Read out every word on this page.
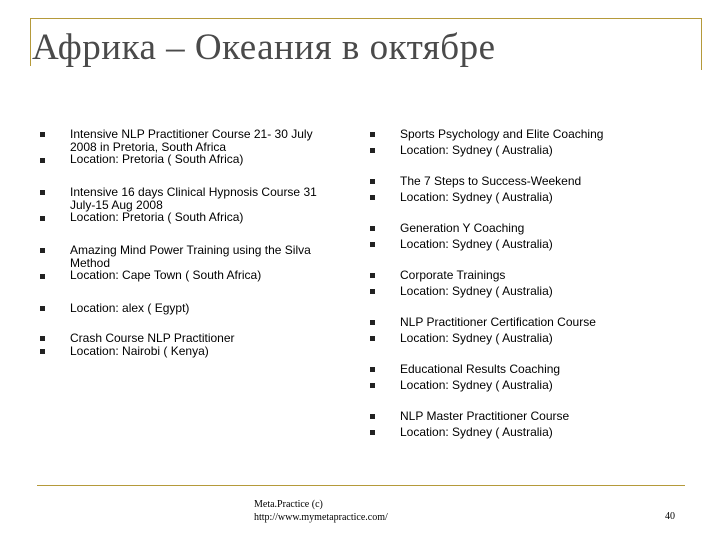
Африка – Океания в октябре
Intensive NLP Practitioner Course 21- 30 July
2008 in Pretoria, South Africa
Location: Pretoria ( South Africa)
Intensive 16 days Clinical Hypnosis Course 31
July-15 Aug 2008
Location: Pretoria ( South Africa)
Amazing Mind Power Training using the Silva
Method
Location: Cape Town ( South Africa)
Location: alex ( Egypt)
Crash Course NLP Practitioner
Location: Nairobi ( Kenya)
Sports Psychology and Elite Coaching
Location: Sydney ( Australia)
The 7 Steps to Success-Weekend
Location: Sydney ( Australia)
Generation Y Coaching
Location: Sydney ( Australia)
Corporate Trainings
Location: Sydney ( Australia)
NLP Practitioner Certification Course
Location: Sydney ( Australia)
Educational Results Coaching
Location: Sydney ( Australia)
NLP Master Practitioner Course
Location: Sydney ( Australia)
Meta.Practice (c)
http://www.mymetapractice.com/	40
